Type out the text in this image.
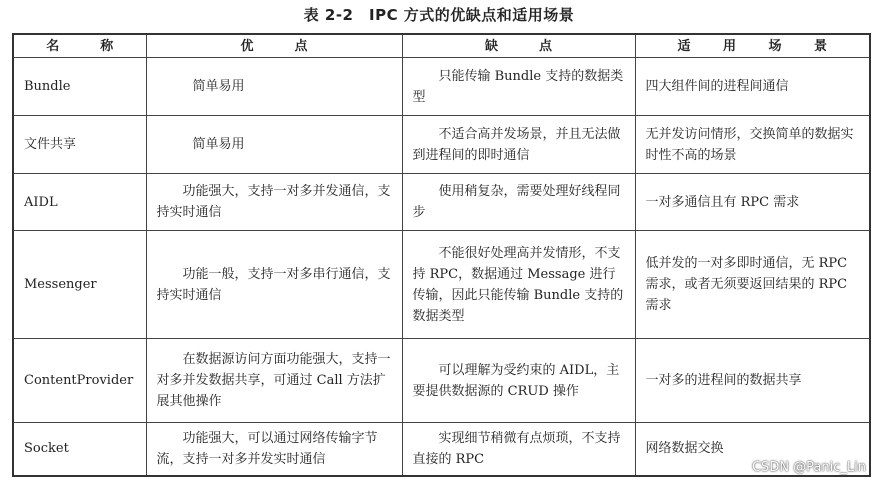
表 2-2　IPC 方式的优缺点和适用场景
名　称	优　点	缺　点	适 用 场 景
Bundle	简单易用	只能传输 Bundle 支持的数据类型	四大组件间的进程间通信
文件共享	简单易用	不适合高并发场景，并且无法做到进程间的即时通信	无并发访问情形，交换简单的数据实时性不高的场景
AIDL	功能强大，支持一对多并发通信，支持实时通信	使用稍复杂，需要处理好线程同步	一对多通信且有 RPC 需求
Messenger	功能一般，支持一对多串行通信，支持实时通信	不能很好处理高并发情形，不支持 RPC，数据通过 Message 进行传输，因此只能传输 Bundle 支持的数据类型	低并发的一对多即时通信，无 RPC 需求，或者无须要返回结果的 RPC 需求
ContentProvider	在数据源访问方面功能强大，支持一对多并发数据共享，可通过 Call 方法扩展其他操作	可以理解为受约束的 AIDL，主要提供数据源的 CRUD 操作	一对多的进程间的数据共享
Socket	功能强大，可以通过网络传输字节流，支持一对多并发实时通信	实现细节稍微有点烦琐，不支持直接的 RPC	网络数据交换
CSDN @Panic_Lin
